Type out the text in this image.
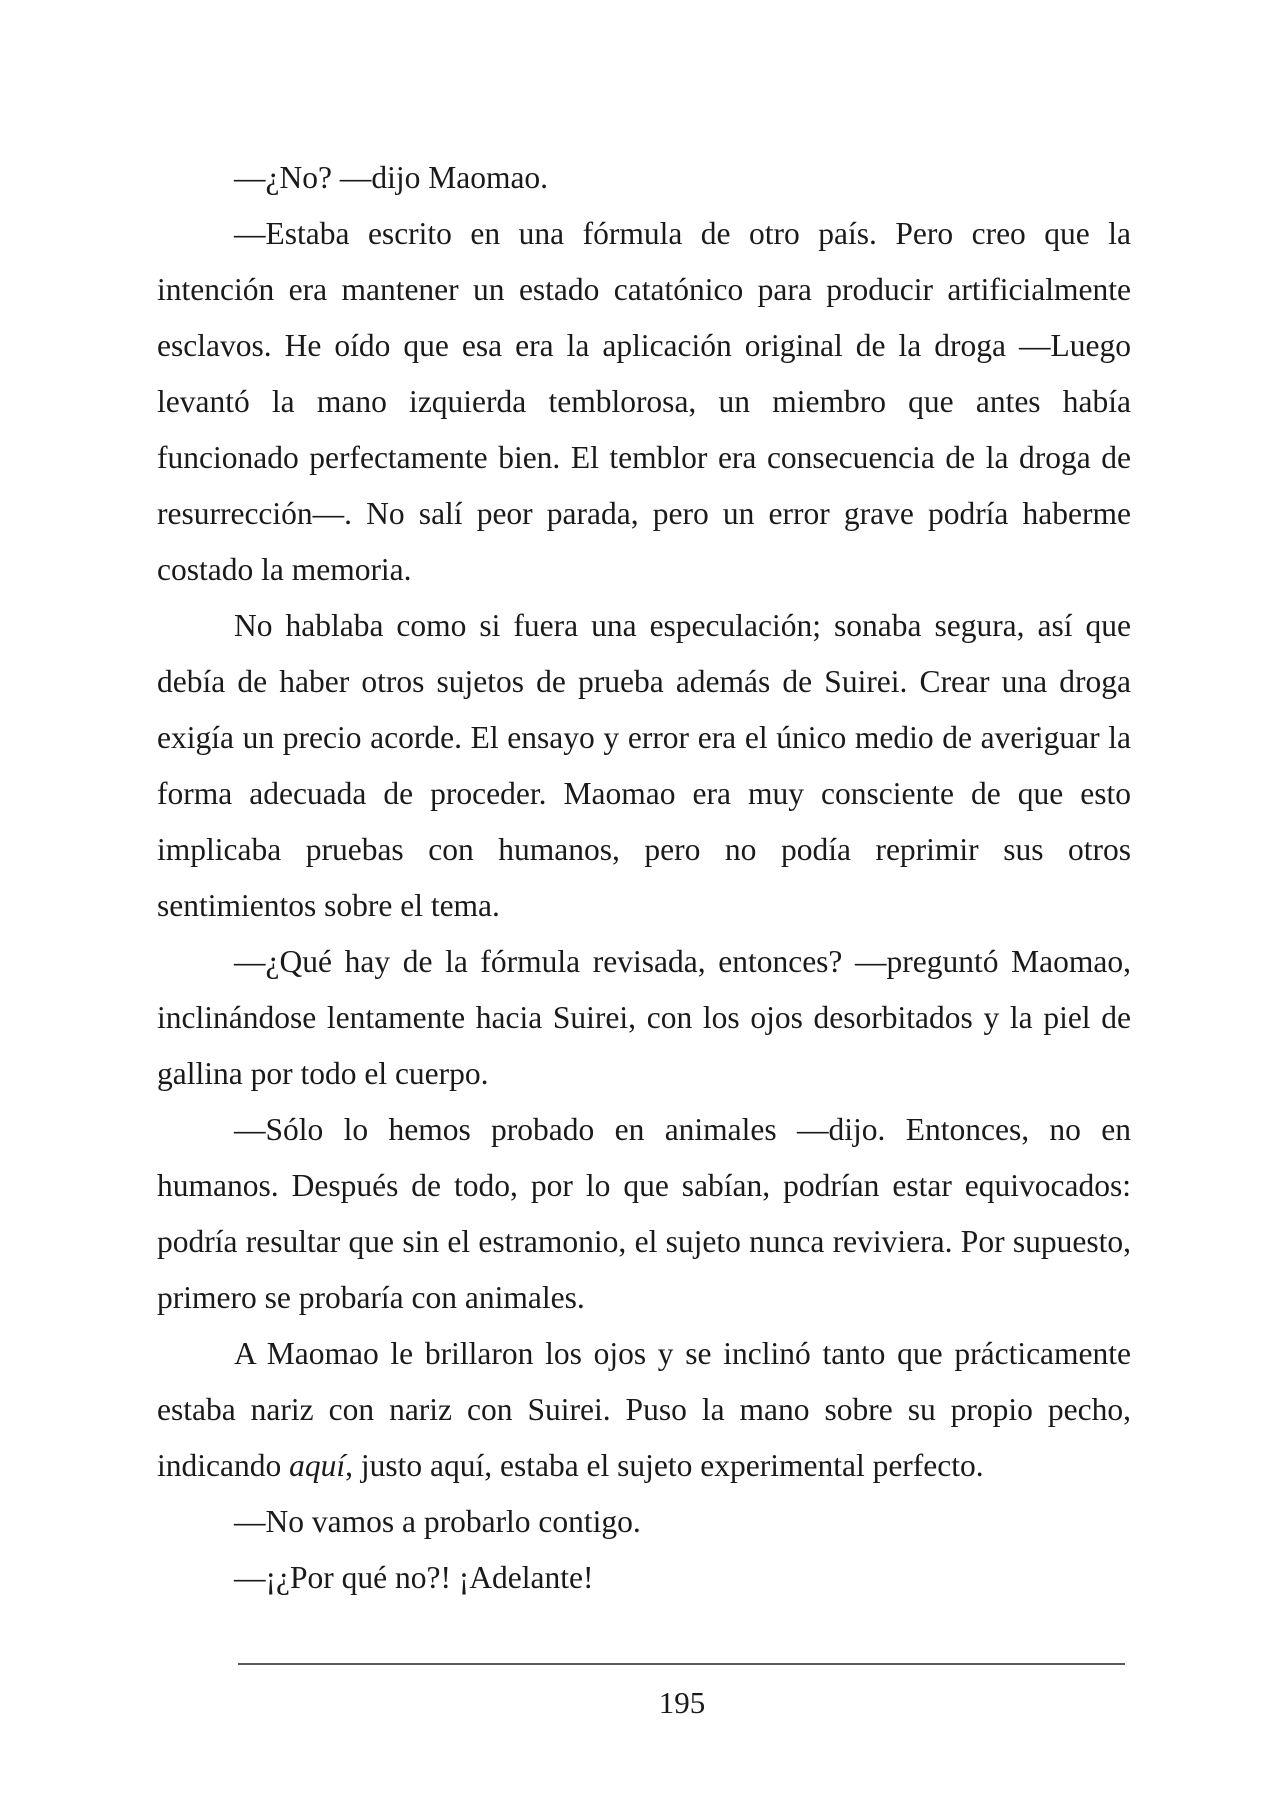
—¿No? —dijo Maomao.

—Estaba escrito en una fórmula de otro país. Pero creo que la intención era mantener un estado catatónico para producir artificialmente esclavos. He oído que esa era la aplicación original de la droga —Luego levantó la mano izquierda temblorosa, un miembro que antes había funcionado perfectamente bien. El temblor era consecuencia de la droga de resurrección—. No salí peor parada, pero un error grave podría haberme costado la memoria.

No hablaba como si fuera una especulación; sonaba segura, así que debía de haber otros sujetos de prueba además de Suirei. Crear una droga exigía un precio acorde. El ensayo y error era el único medio de averiguar la forma adecuada de proceder. Maomao era muy consciente de que esto implicaba pruebas con humanos, pero no podía reprimir sus otros sentimientos sobre el tema.

—¿Qué hay de la fórmula revisada, entonces? —preguntó Maomao, inclinándose lentamente hacia Suirei, con los ojos desorbitados y la piel de gallina por todo el cuerpo.

—Sólo lo hemos probado en animales —dijo. Entonces, no en humanos. Después de todo, por lo que sabían, podrían estar equivocados: podría resultar que sin el estramonio, el sujeto nunca reviviera. Por supuesto, primero se probaría con animales.

A Maomao le brillaron los ojos y se inclinó tanto que prácticamente estaba nariz con nariz con Suirei. Puso la mano sobre su propio pecho, indicando aquí, justo aquí, estaba el sujeto experimental perfecto.

—No vamos a probarlo contigo.

—¡¿Por qué no?! ¡Adelante!

195
